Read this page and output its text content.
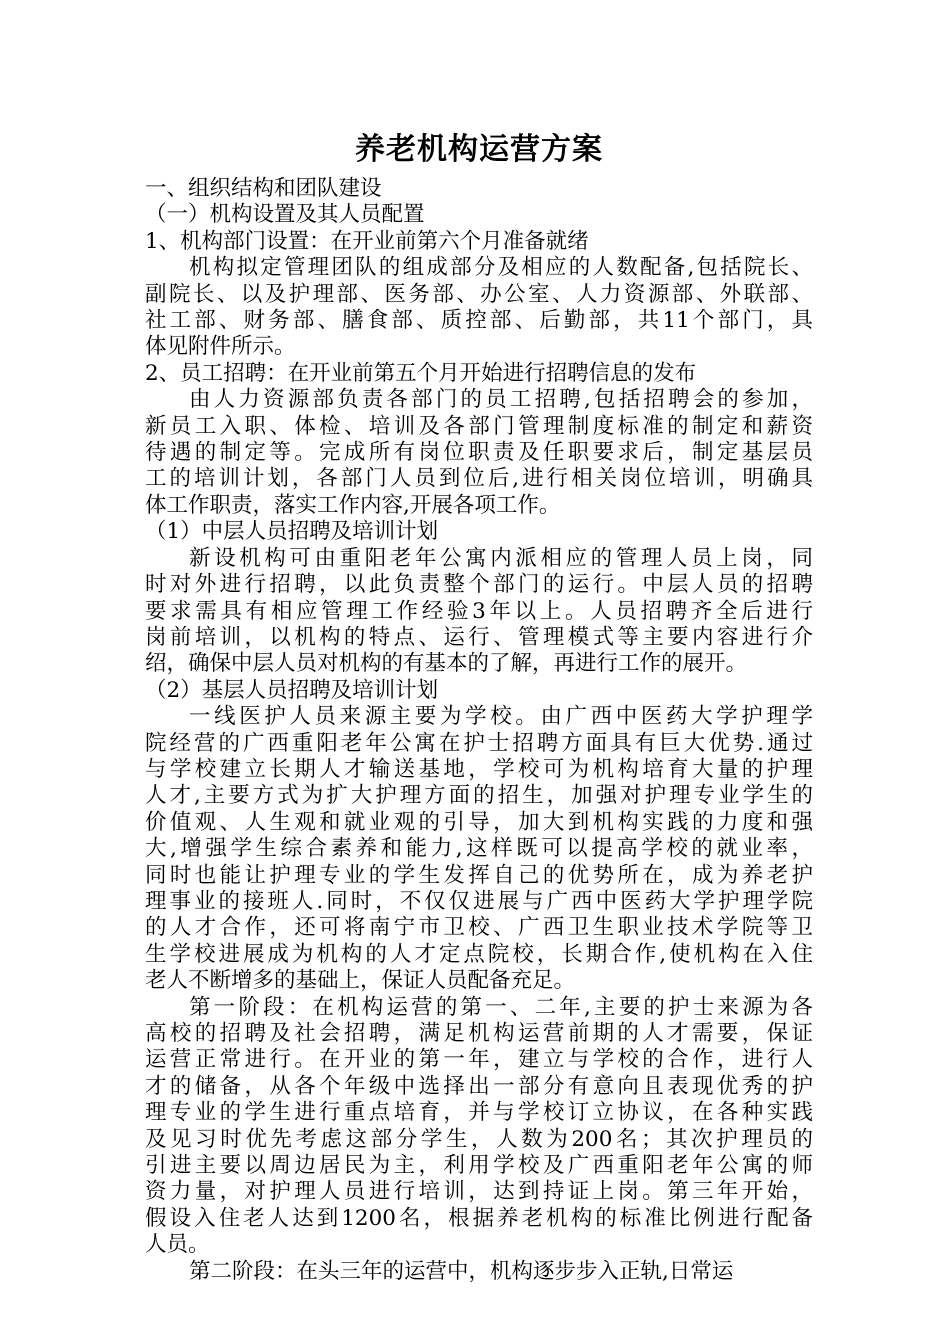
养老机构运营方案
一、组织结构和团队建设
（一）机构设置及其人员配置
1、机构部门设置：在开业前第六个月准备就绪
机构拟定管理团队的组成部分及相应的人数配备,包括院长、
副院长、以及护理部、医务部、办公室、人力资源部、外联部、
社工部、财务部、膳食部、质控部、后勤部，共11个部门，具
体见附件所示。
2、员工招聘：在开业前第五个月开始进行招聘信息的发布
由人力资源部负责各部门的员工招聘,包括招聘会的参加，
新员工入职、体检、培训及各部门管理制度标准的制定和薪资
待遇的制定等。完成所有岗位职责及任职要求后，制定基层员
工的培训计划，各部门人员到位后,进行相关岗位培训，明确具
体工作职责，落实工作内容,开展各项工作。
（1）中层人员招聘及培训计划
新设机构可由重阳老年公寓内派相应的管理人员上岗，同
时对外进行招聘，以此负责整个部门的运行。中层人员的招聘
要求需具有相应管理工作经验3年以上。人员招聘齐全后进行
岗前培训，以机构的特点、运行、管理模式等主要内容进行介
绍，确保中层人员对机构的有基本的了解，再进行工作的展开。
（2）基层人员招聘及培训计划
一线医护人员来源主要为学校。由广西中医药大学护理学
院经营的广西重阳老年公寓在护士招聘方面具有巨大优势.通过
与学校建立长期人才输送基地，学校可为机构培育大量的护理
人才,主要方式为扩大护理方面的招生，加强对护理专业学生的
价值观、人生观和就业观的引导，加大到机构实践的力度和强
大,增强学生综合素养和能力,这样既可以提高学校的就业率，
同时也能让护理专业的学生发挥自己的优势所在，成为养老护
理事业的接班人.同时，不仅仅进展与广西中医药大学护理学院
的人才合作，还可将南宁市卫校、广西卫生职业技术学院等卫
生学校进展成为机构的人才定点院校，长期合作,使机构在入住
老人不断增多的基础上，保证人员配备充足。
第一阶段：在机构运营的第一、二年,主要的护士来源为各
高校的招聘及社会招聘，满足机构运营前期的人才需要，保证
运营正常进行。在开业的第一年，建立与学校的合作，进行人
才的储备，从各个年级中选择出一部分有意向且表现优秀的护
理专业的学生进行重点培育，并与学校订立协议，在各种实践
及见习时优先考虑这部分学生，人数为200名；其次护理员的
引进主要以周边居民为主，利用学校及广西重阳老年公寓的师
资力量，对护理人员进行培训，达到持证上岗。第三年开始，
假设入住老人达到1200名，根据养老机构的标准比例进行配备
人员。
第二阶段：在头三年的运营中，机构逐步步入正轨,日常运
